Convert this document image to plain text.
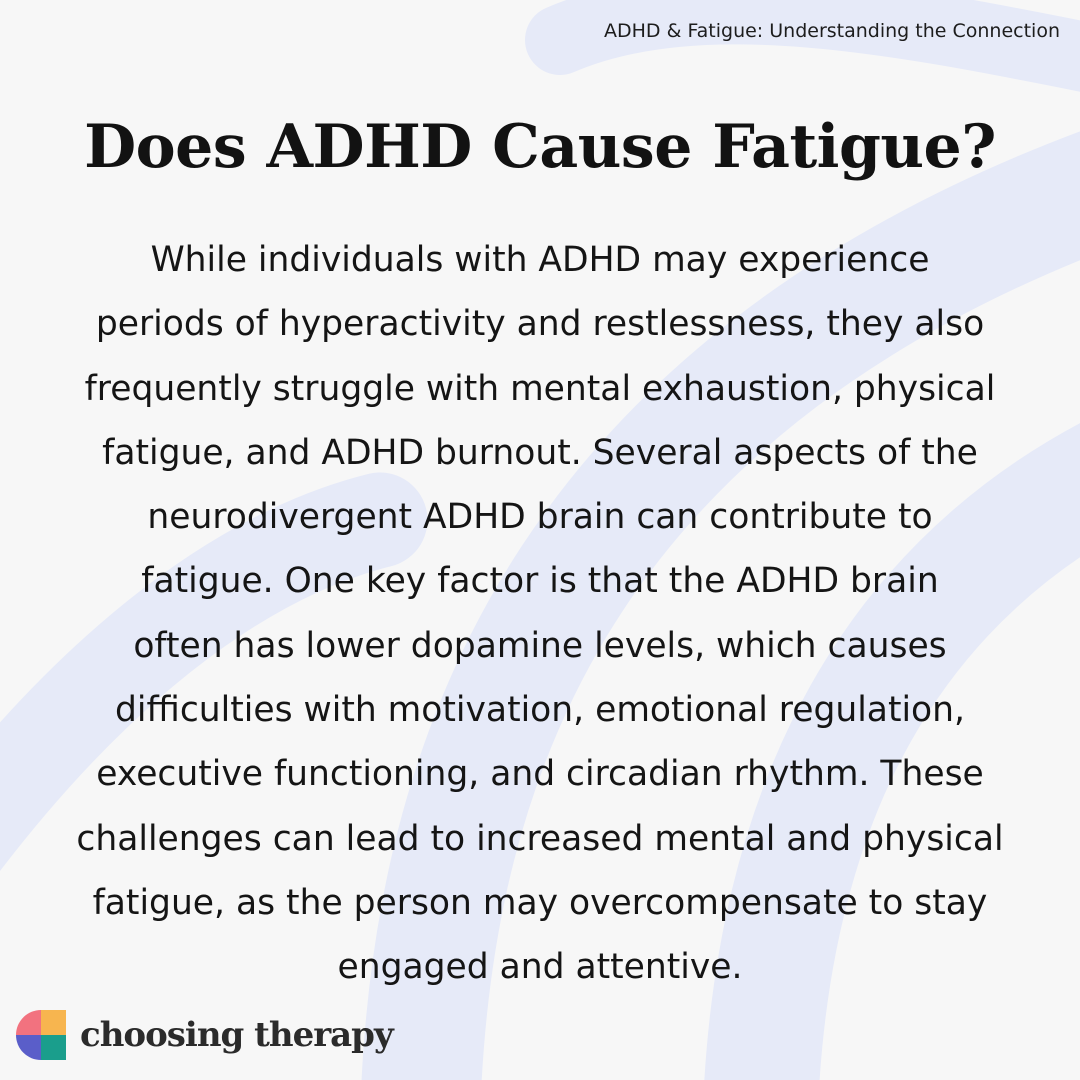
ADHD & Fatigue: Understanding the Connection
Does ADHD Cause Fatigue?

While individuals with ADHD may experience
periods of hyperactivity and restlessness, they also
frequently struggle with mental exhaustion, physical
fatigue, and ADHD burnout. Several aspects of the
neurodivergent ADHD brain can contribute to
fatigue. One key factor is that the ADHD brain
often has lower dopamine levels, which causes
difficulties with motivation, emotional regulation,
executive functioning, and circadian rhythm. These
challenges can lead to increased mental and physical
fatigue, as the person may overcompensate to stay
engaged and attentive.

choosing therapy
